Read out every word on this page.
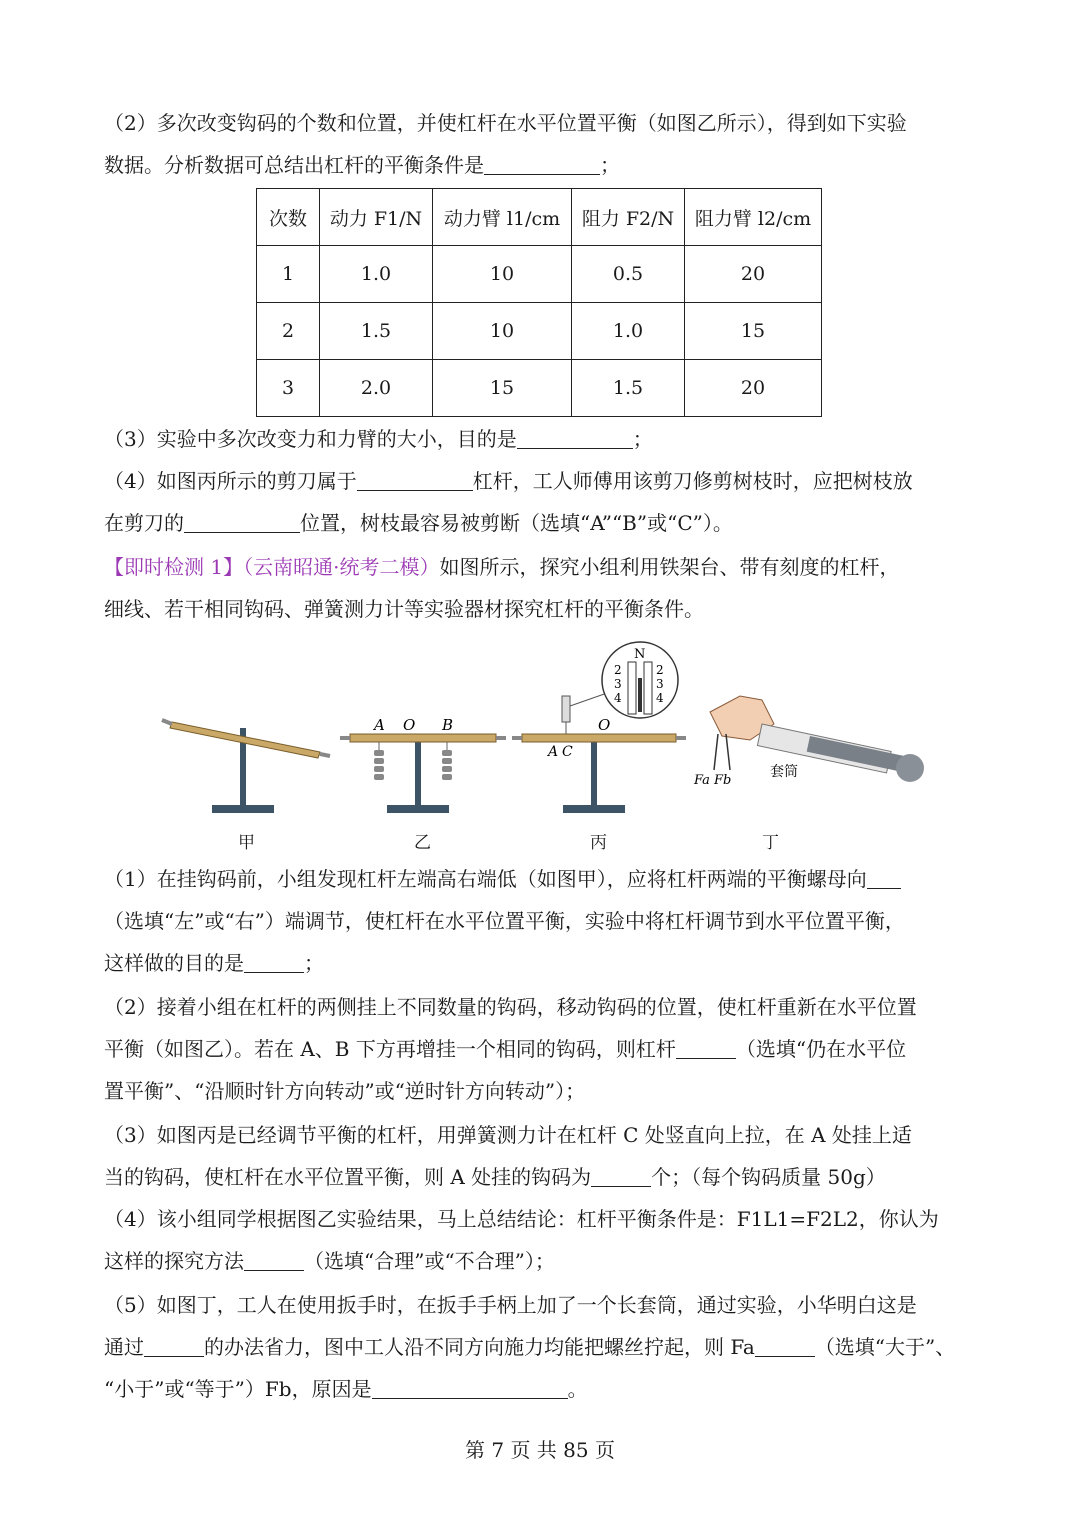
（2）多次改变钩码的个数和位置，并使杠杆在水平位置平衡（如图乙所示），得到如下实验
数据。分析数据可总结出杠杆的平衡条件是	；
次数	动力 F1/N	动力臂 l1/cm	阻力 F2/N	阻力臂 l2/cm
1	1.0	10	0.5	20
2	1.5	10	1.0	15
3	2.0	15	1.5	20
（3）实验中多次改变力和力臂的大小，目的是	；
（4）如图丙所示的剪刀属于	杠杆，工人师傅用该剪刀修剪树枝时，应把树枝放
在剪刀的	位置，树枝最容易被剪断（选填“A”“B”或“C”）。
【即时检测 1】（云南昭通·统考二模）如图所示，探究小组利用铁架台、带有刻度的杠杆，
细线、若干相同钩码、弹簧测力计等实验器材探究杠杆的平衡条件。
A O B
N
2
3
4
2
3
4
O
A C
Fa Fb
套筒
甲	乙	丙	丁
（1）在挂钩码前，小组发现杠杆左端高右端低（如图甲），应将杠杆两端的平衡螺母向
（选填“左”或“右”）端调节，使杠杆在水平位置平衡，实验中将杠杆调节到水平位置平衡，
这样做的目的是	；
（2）接着小组在杠杆的两侧挂上不同数量的钩码，移动钩码的位置，使杠杆重新在水平位置
平衡（如图乙）。若在 A、B 下方再增挂一个相同的钩码，则杠杆	（选填“仍在水平位
置平衡”、“沿顺时针方向转动”或“逆时针方向转动”）；
（3）如图丙是已经调节平衡的杠杆，用弹簧测力计在杠杆 C 处竖直向上拉，在 A 处挂上适
当的钩码，使杠杆在水平位置平衡，则 A 处挂的钩码为	个；（每个钩码质量 50g）
（4）该小组同学根据图乙实验结果，马上总结结论：杠杆平衡条件是：F1L1=F2L2，你认为
这样的探究方法	（选填“合理”或“不合理”）；
（5）如图丁，工人在使用扳手时，在扳手手柄上加了一个长套筒，通过实验，小华明白这是
通过	的办法省力，图中工人沿不同方向施力均能把螺丝拧起，则 Fa	（选填“大于”、
“小于”或“等于”）Fb，原因是	。
第 7 页 共 85 页
